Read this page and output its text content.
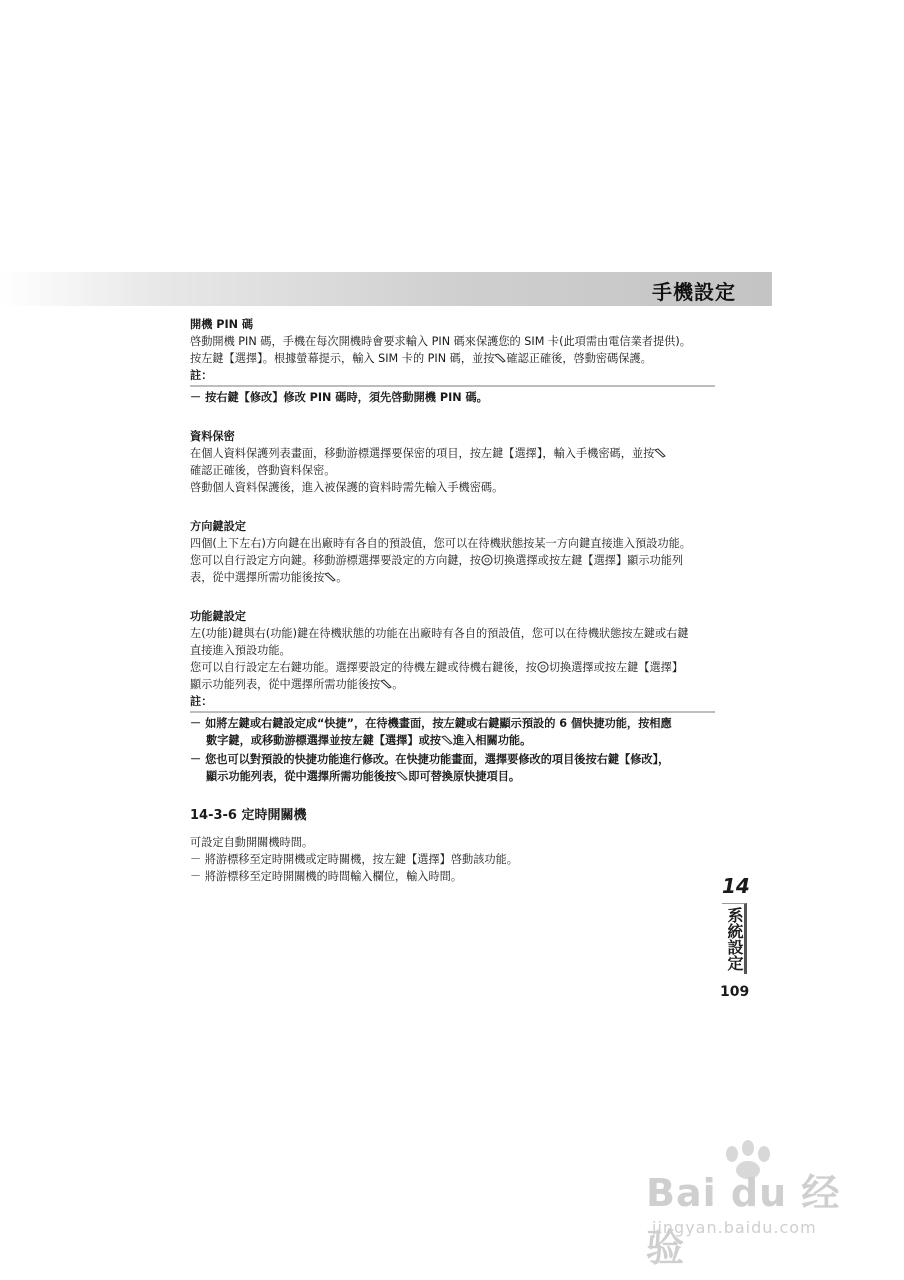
手機設定

開機 PIN 碼

啓動開機 PIN 碼，手機在每次開機時會要求輸入 PIN 碼來保護您的 SIM 卡(此項需由電信業者提供)。

按左鍵【選擇】。根據螢幕提示，輸入 SIM 卡的 PIN 碼，並按 確認正確後，啓動密碼保護。

註：

－ 按右鍵【修改】修改 PIN 碼時，須先啓動開機 PIN 碼。

資料保密

在個人資料保護列表畫面，移動游標選擇要保密的項目，按左鍵【選擇】，輸入手機密碼，並按

確認正確後，啓動資料保密。

啓動個人資料保護後，進入被保護的資料時需先輸入手機密碼。

方向鍵設定

四個(上下左右)方向鍵在出廠時有各自的預設值，您可以在待機狀態按某一方向鍵直接進入預設功能。

您可以自行設定方向鍵。移動游標選擇要設定的方向鍵，按 切換選擇或按左鍵【選擇】顯示功能列

表，從中選擇所需功能後按 。

功能鍵設定

左(功能)鍵與右(功能)鍵在待機狀態的功能在出廠時有各自的預設值，您可以在待機狀態按左鍵或右鍵

直接進入預設功能。

您可以自行設定左右鍵功能。選擇要設定的待機左鍵或待機右鍵後，按 切換選擇或按左鍵【選擇】

顯示功能列表，從中選擇所需功能後按 。

註：

－ 如將左鍵或右鍵設定成“快捷”，在待機畫面，按左鍵或右鍵顯示預設的 6 個快捷功能，按相應
數字鍵，或移動游標選擇並按左鍵【選擇】或按 進入相關功能。

－ 您也可以對預設的快捷功能進行修改。在快捷功能畫面，選擇要修改的項目後按右鍵【修改】，
顯示功能列表，從中選擇所需功能後按 即可替換原快捷項目。

14-3-6 定時開關機

可設定自動開關機時間。

－ 將游標移至定時開機或定時關機，按左鍵【選擇】啓動該功能。

－ 將游標移至定時開關機的時間輸入欄位，輸入時間。	14
系統設定
109
Bai du 经验
jingyan.baidu.com
